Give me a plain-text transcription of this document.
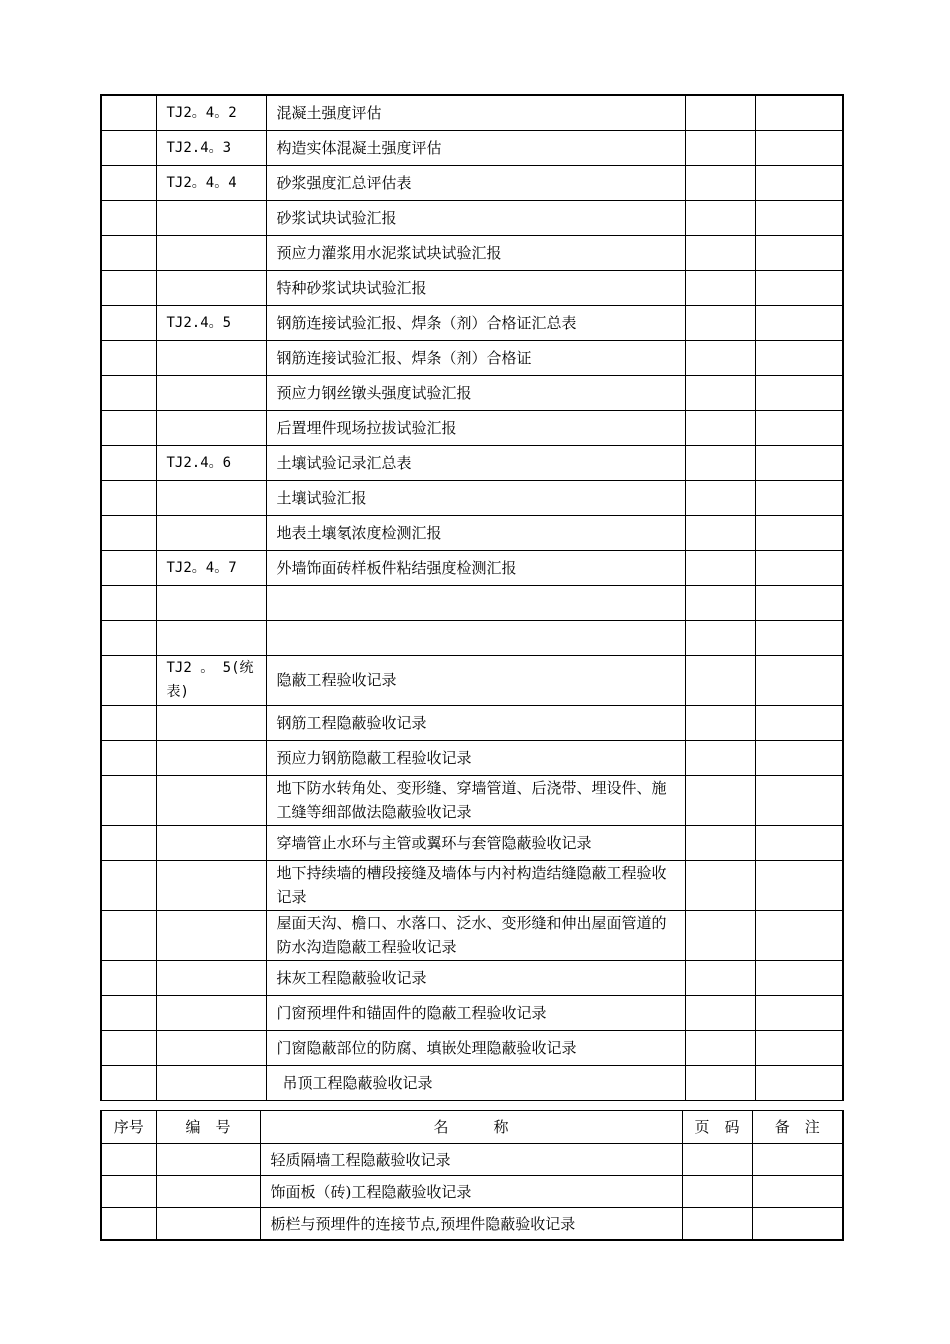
	TJ2。4。2	混凝土强度评估		
	TJ2.4。3	构造实体混凝土强度评估		
	TJ2。4。4	砂浆强度汇总评估表		
		砂浆试块试验汇报		
		预应力灌浆用水泥浆试块试验汇报		
		特种砂浆试块试验汇报		
	TJ2.4。5	钢筋连接试验汇报、焊条（剂）合格证汇总表		
		钢筋连接试验汇报、焊条（剂）合格证		
		预应力钢丝镦头强度试验汇报		
		后置埋件现场拉拔试验汇报		
	TJ2.4。6	土壤试验记录汇总表		
		土壤试验汇报		
		地表土壤氡浓度检测汇报		
	TJ2。4。7	外墙饰面砖样板件粘结强度检测汇报		

	TJ2 。 5(统表)	隐蔽工程验收记录		
		钢筋工程隐蔽验收记录		
		预应力钢筋隐蔽工程验收记录		
		地下防水转角处、变形缝、穿墙管道、后浇带、埋设件、施工缝等细部做法隐蔽验收记录		
		穿墙管止水环与主管或翼环与套管隐蔽验收记录		
		地下持续墙的槽段接缝及墙体与内衬构造结缝隐蔽工程验收记录		
		屋面天沟、檐口、水落口、泛水、变形缝和伸出屋面管道的防水沟造隐蔽工程验收记录		
		抹灰工程隐蔽验收记录		
		门窗预埋件和锚固件的隐蔽工程验收记录		
		门窗隐蔽部位的防腐、填嵌处理隐蔽验收记录		
		吊顶工程隐蔽验收记录		
序号	编　号	名　　　称	页　码	备　注
		轻质隔墙工程隐蔽验收记录		
		饰面板（砖)工程隐蔽验收记录		
		栃栏与预埋件的连接节点,预埋件隐蔽验收记录		
